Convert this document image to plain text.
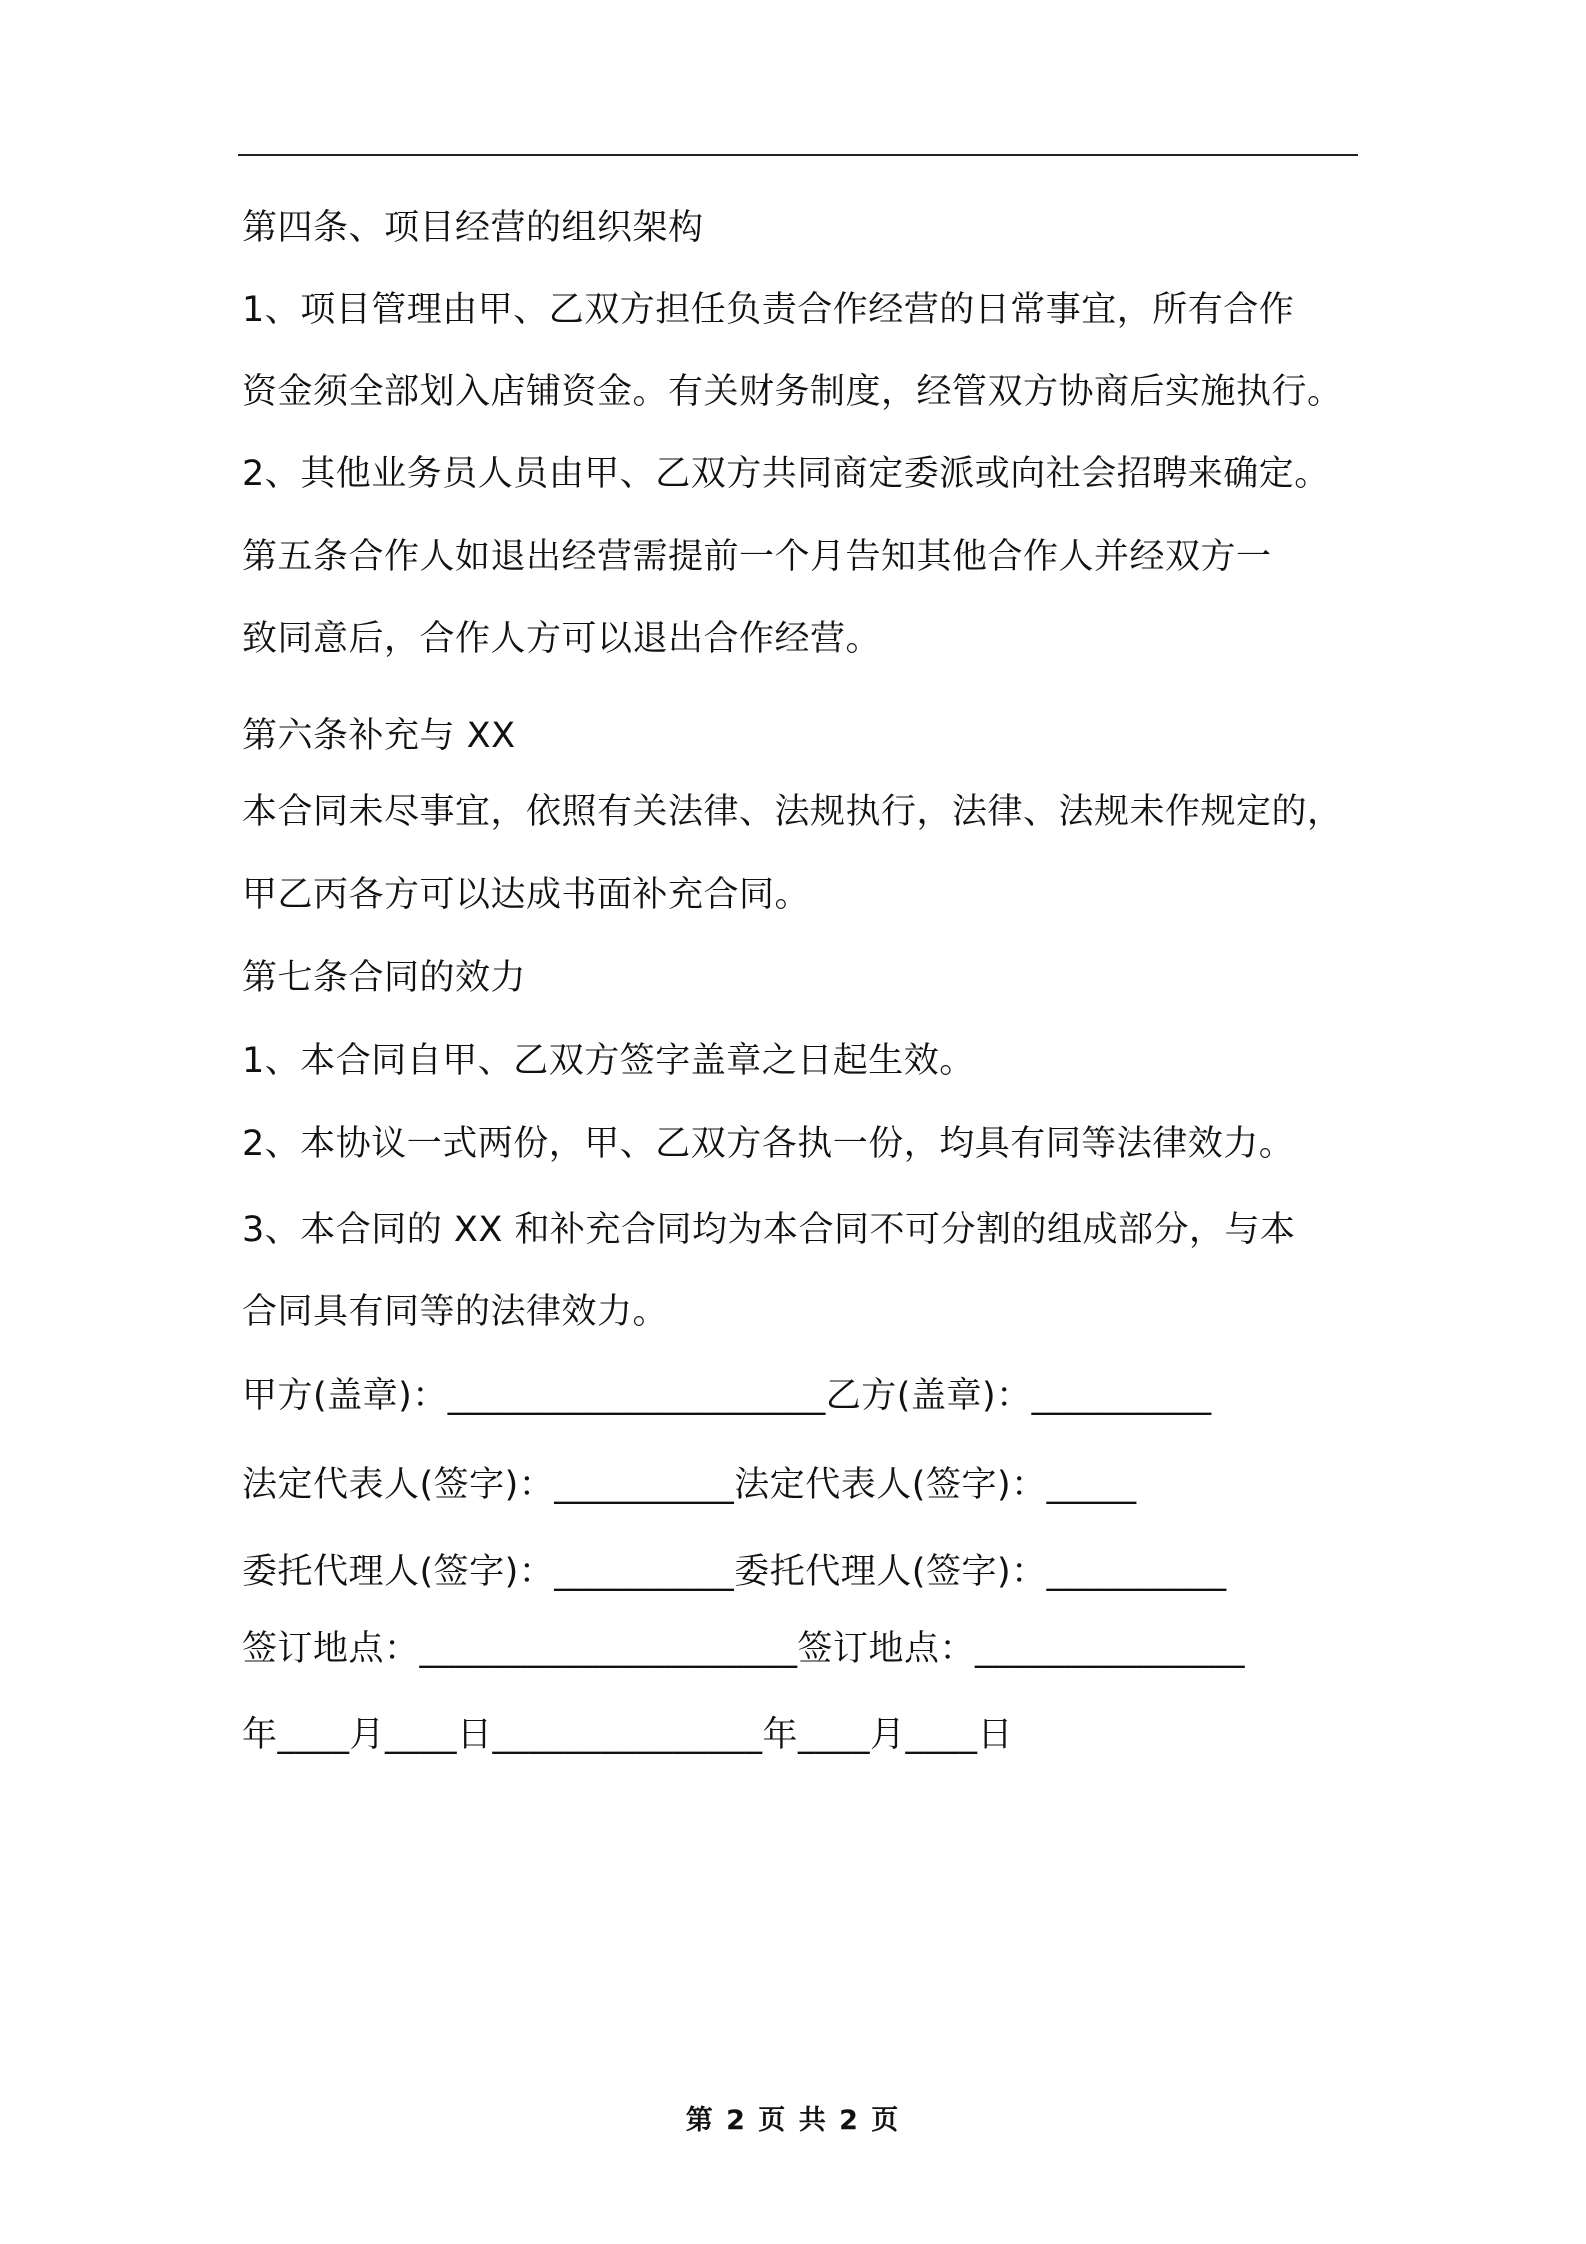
第四条、项目经营的组织架构
1、项目管理由甲、乙双方担任负责合作经营的日常事宜，所有合作
资金须全部划入店铺资金。有关财务制度，经管双方协商后实施执行。
2、其他业务员人员由甲、乙双方共同商定委派或向社会招聘来确定。
第五条合作人如退出经营需提前一个月告知其他合作人并经双方一
致同意后，合作人方可以退出合作经营。
第六条补充与 XX
本合同未尽事宜，依照有关法律、法规执行，法律、法规未作规定的，
甲乙丙各方可以达成书面补充合同。
第七条合同的效力
1、本合同自甲、乙双方签字盖章之日起生效。
2、本协议一式两份，甲、乙双方各执一份，均具有同等法律效力。
3、本合同的 XX 和补充合同均为本合同不可分割的组成部分，与本
合同具有同等的法律效力。
甲方(盖章)：_____________________乙方(盖章)：__________
法定代表人(签字)：__________法定代表人(签字)：_____
委托代理人(签字)：__________委托代理人(签字)：__________
签订地点：_____________________签订地点：_______________
年____月____日_______________年____月____日
第 2 页 共 2 页
